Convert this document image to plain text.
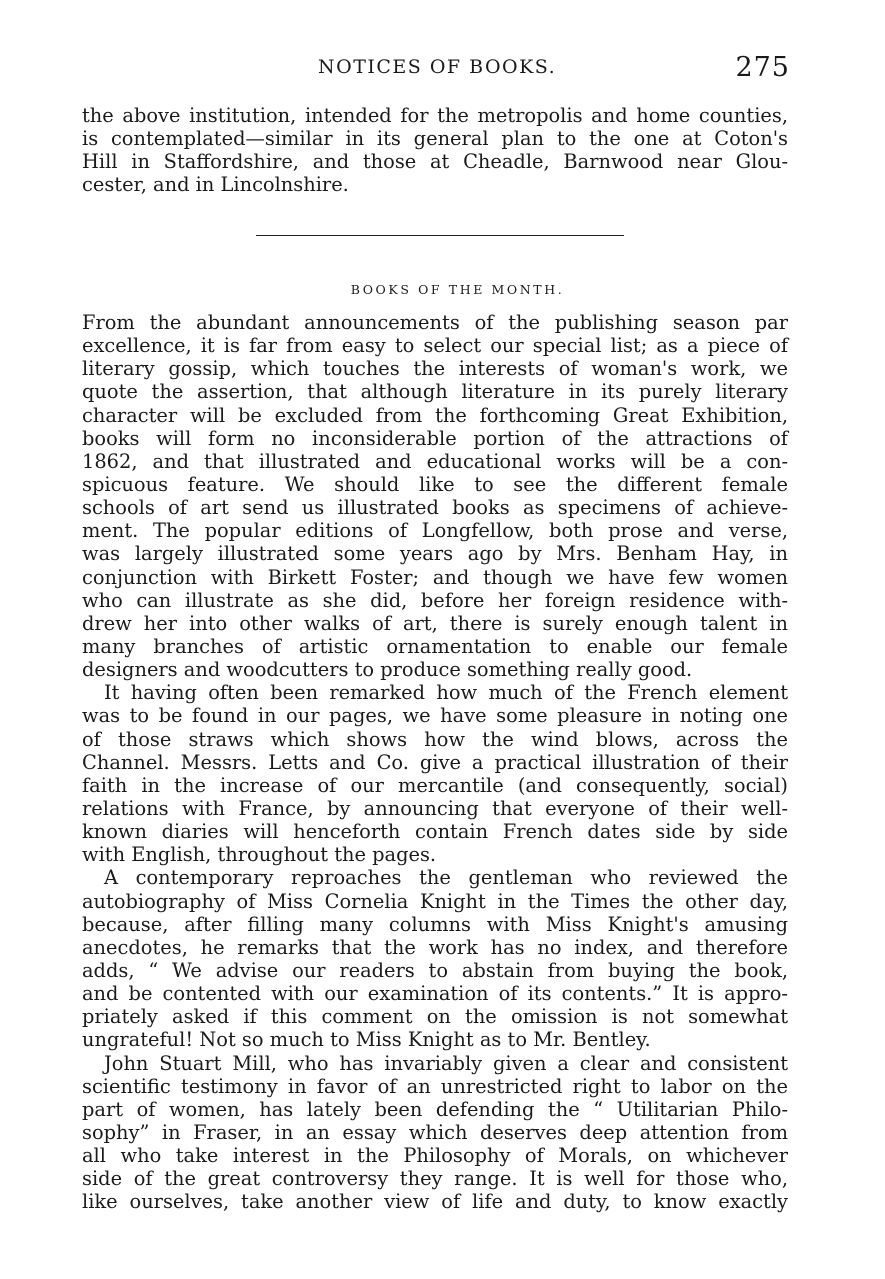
NOTICES OF BOOKS.	275
the above institution, intended for the metropolis and home counties,
is contemplated—similar in its general plan to the one at Coton's
Hill in Staffordshire, and those at Cheadle, Barnwood near Glou-
cester, and in Lincolnshire.
BOOKS OF THE MONTH.
From the abundant announcements of the publishing season par
excellence, it is far from easy to select our special list; as a piece of
literary gossip, which touches the interests of woman's work, we
quote the assertion, that although literature in its purely literary
character will be excluded from the forthcoming Great Exhibition,
books will form no inconsiderable portion of the attractions of
1862, and that illustrated and educational works will be a con-
spicuous feature. We should like to see the different female
schools of art send us illustrated books as specimens of achieve-
ment. The popular editions of Longfellow, both prose and verse,
was largely illustrated some years ago by Mrs. Benham Hay, in
conjunction with Birkett Foster; and though we have few women
who can illustrate as she did, before her foreign residence with-
drew her into other walks of art, there is surely enough talent in
many branches of artistic ornamentation to enable our female
designers and woodcutters to produce something really good.
It having often been remarked how much of the French element
was to be found in our pages, we have some pleasure in noting one
of those straws which shows how the wind blows, across the
Channel. Messrs. Letts and Co. give a practical illustration of their
faith in the increase of our mercantile (and consequently, social)
relations with France, by announcing that everyone of their well-
known diaries will henceforth contain French dates side by side
with English, throughout the pages.
A contemporary reproaches the gentleman who reviewed the
autobiography of Miss Cornelia Knight in the Times the other day,
because, after filling many columns with Miss Knight's amusing
anecdotes, he remarks that the work has no index, and therefore
adds, “ We advise our readers to abstain from buying the book,
and be contented with our examination of its contents.” It is appro-
priately asked if this comment on the omission is not somewhat
ungrateful! Not so much to Miss Knight as to Mr. Bentley.
John Stuart Mill, who has invariably given a clear and consistent
scientific testimony in favor of an unrestricted right to labor on the
part of women, has lately been defending the “ Utilitarian Philo-
sophy” in Fraser, in an essay which deserves deep attention from
all who take interest in the Philosophy of Morals, on whichever
side of the great controversy they range. It is well for those who,
like ourselves, take another view of life and duty, to know exactly
